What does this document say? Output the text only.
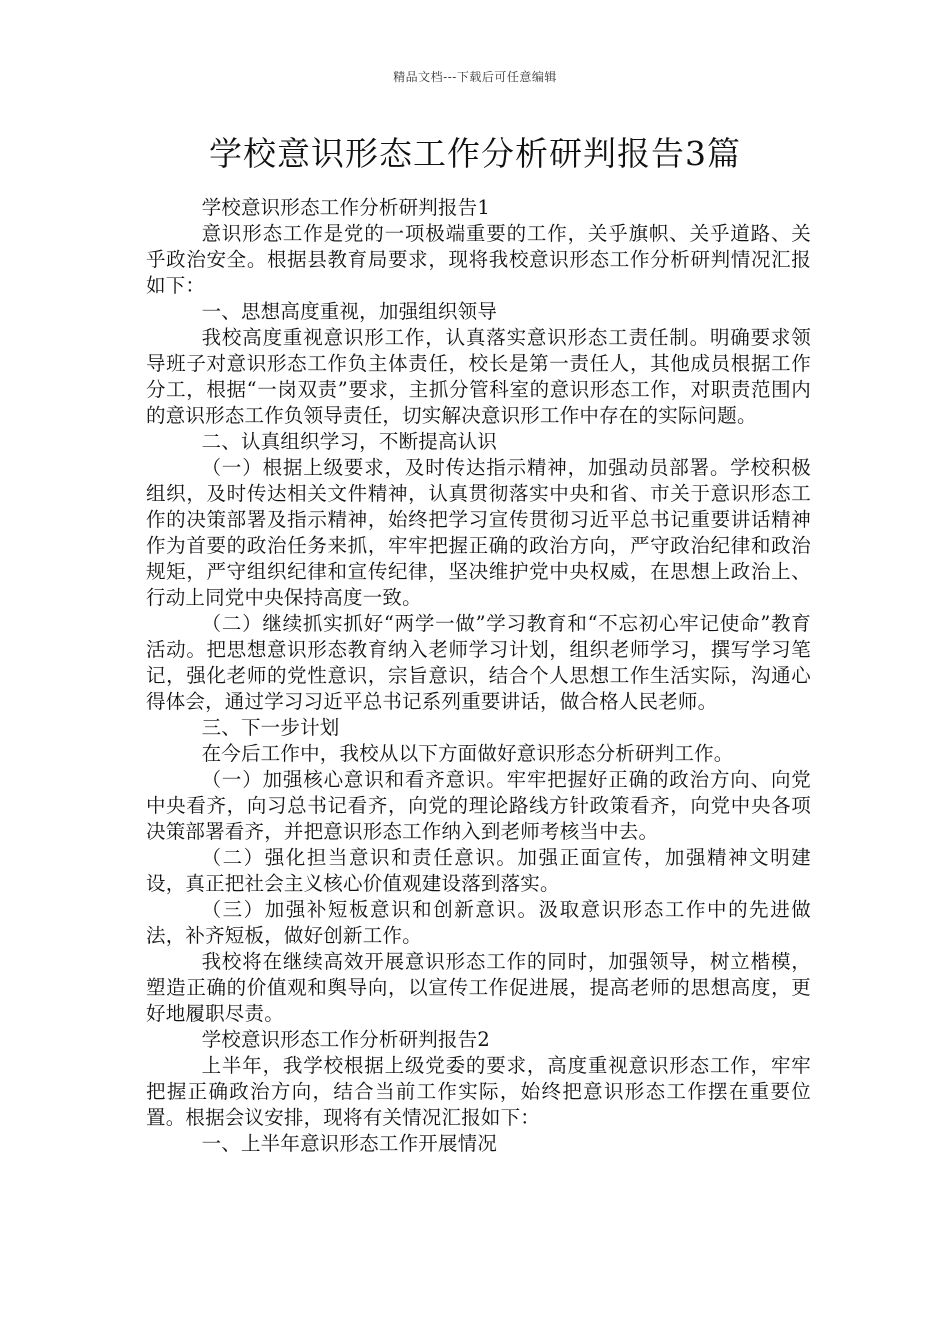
精品文档---下载后可任意编辑
学校意识形态工作分析研判报告3篇

学校意识形态工作分析研判报告1

意识形态工作是党的一项极端重要的工作，关乎旗帜、关乎道路、关乎政治安全。根据县教育局要求，现将我校意识形态工作分析研判情况汇报如下：

一、思想高度重视，加强组织领导

我校高度重视意识形工作，认真落实意识形态工责任制。明确要求领导班子对意识形态工作负主体责任，校长是第一责任人，其他成员根据工作分工，根据“一岗双责”要求，主抓分管科室的意识形态工作，对职责范围内的意识形态工作负领导责任，切实解决意识形工作中存在的实际问题。

二、认真组织学习，不断提高认识

（一）根据上级要求，及时传达指示精神，加强动员部署。学校积极组织，及时传达相关文件精神，认真贯彻落实中央和省、市关于意识形态工作的决策部署及指示精神，始终把学习宣传贯彻习近平总书记重要讲话精神作为首要的政治任务来抓，牢牢把握正确的政治方向，严守政治纪律和政治规矩，严守组织纪律和宣传纪律，坚决维护党中央权威，在思想上政治上、行动上同党中央保持高度一致。

（二）继续抓实抓好“两学一做”学习教育和“不忘初心牢记使命”教育活动。把思想意识形态教育纳入老师学习计划，组织老师学习，撰写学习笔记，强化老师的党性意识，宗旨意识，结合个人思想工作生活实际，沟通心得体会，通过学习习近平总书记系列重要讲话，做合格人民老师。

三、下一步计划

在今后工作中，我校从以下方面做好意识形态分析研判工作。

（一）加强核心意识和看齐意识。牢牢把握好正确的政治方向、向党中央看齐，向习总书记看齐，向党的理论路线方针政策看齐，向党中央各项决策部署看齐，并把意识形态工作纳入到老师考核当中去。

（二）强化担当意识和责任意识。加强正面宣传，加强精神文明建设，真正把社会主义核心价值观建设落到落实。

（三）加强补短板意识和创新意识。汲取意识形态工作中的先进做法，补齐短板，做好创新工作。

我校将在继续高效开展意识形态工作的同时，加强领导，树立楷模，塑造正确的价值观和舆导向，以宣传工作促进展，提高老师的思想高度，更好地履职尽责。

学校意识形态工作分析研判报告2

上半年，我学校根据上级党委的要求，高度重视意识形态工作，牢牢把握正确政治方向，结合当前工作实际，始终把意识形态工作摆在重要位置。根据会议安排，现将有关情况汇报如下：

一、上半年意识形态工作开展情况
